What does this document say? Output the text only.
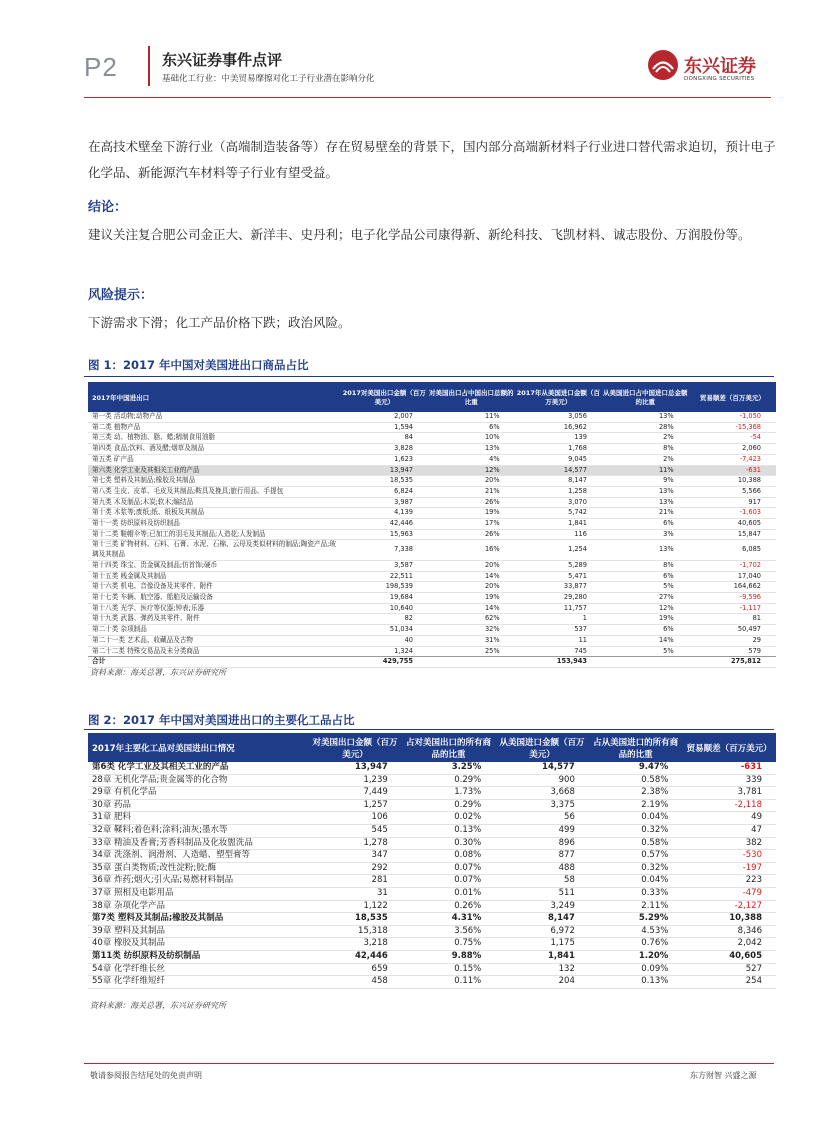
P2	东兴证券事件点评
基础化工行业：中美贸易摩擦对化工子行业潜在影响分化
东兴证券
DONGXING SECURITIES
在高技术壁垒下游行业（高端制造装备等）存在贸易壁垒的背景下，国内部分高端新材料子行业进口替代需求迫切，预计电子化学品、新能源汽车材料等子行业有望受益。
结论：
建议关注复合肥公司金正大、新洋丰、史丹利；电子化学品公司康得新、新纶科技、飞凯材料、诚志股份、万润股份等。
风险提示：
下游需求下滑；化工产品价格下跌；政治风险。
图 1：2017 年中国对美国进出口商品占比
2017年中国进出口	2017对美国出口金额（百万美元）	对美国出口占中国出口总额的比重	2017年从美国进口金额（百万美元）	从美国进口占中国进口总金额的比重	贸易顺差（百万美元）
第一类 活动物;动物产品	2,007	11%	3,056	13%	-1,050
第二类 植物产品	1,594	6%	16,962	28%	-15,368
第三类 动、植物油、脂、蜡;精制食用油脂	84	10%	139	2%	-54
第四类 食品;饮料、酒及醋;烟草及制品	3,828	13%	1,768	8%	2,060
第五类 矿产品	1,623	4%	9,045	2%	-7,423
第六类 化学工业及其相关工业的产品	13,947	12%	14,577	11%	-631
第七类 塑料及其制品;橡胶及其制品	18,535	20%	8,147	9%	10,388
第八类 生皮、皮革、毛皮及其制品;鞍具及挽具;旅行用品、手提包	6,824	21%	1,258	13%	5,566
第九类 木及制品;木炭;软木;编结品	3,987	26%	3,070	13%	917
第十类 木浆等;废纸;纸、纸板及其制品	4,139	19%	5,742	21%	-1,603
第十一类 纺织原料及纺织制品	42,446	17%	1,841	6%	40,605
第十二类 鞋帽伞等;已加工的羽毛及其制品;人造花;人发制品	15,963	26%	116	3%	15,847
第十三类 矿物材料、石料、石膏、水泥、石棉、云母及类似材料的制品;陶瓷产品;玻璃及其制品	7,338	16%	1,254	13%	6,085
第十四类 珠宝、贵金属及制品;仿首饰;硬币	3,587	20%	5,289	8%	-1,702
第十五类 贱金属及其制品	22,511	14%	5,471	6%	17,040
第十六类 机电、音像设备及其零件、附件	198,539	20%	33,877	5%	164,662
第十七类 车辆、航空器、船舶及运输设备	19,684	19%	29,280	27%	-9,596
第十八类 光学、医疗等仪器;钟表;乐器	10,640	14%	11,757	12%	-1,117
第十九类 武器、弹药及其零件、附件	82	62%	1	19%	81
第二十类 杂项制品	51,034	32%	537	6%	50,497
第二十一类 艺术品、收藏品及古物	40	31%	11	14%	29
第二十二类 特殊交易品及未分类商品	1,324	25%	745	5%	579
合计	429,755		153,943		275,812
资料来源：海关总署，东兴证券研究所
图 2：2017 年中国对美国进出口的主要化工品占比
2017年主要化工品对美国进出口情况	对美国出口金额（百万美元）	占对美国出口的所有商品的比重	从美国进口金额（百万美元）	占从美国进口的所有商品的比重	贸易顺差（百万美元）
第6类 化学工业及其相关工业的产品	13,947	3.25%	14,577	9.47%	-631
28章 无机化学品;贵金属等的化合物	1,239	0.29%	900	0.58%	339
29章 有机化学品	7,449	1.73%	3,668	2.38%	3,781
30章 药品	1,257	0.29%	3,375	2.19%	-2,118
31章 肥料	106	0.02%	56	0.04%	49
32章 鞣料;着色料;涂料;油灰;墨水等	545	0.13%	499	0.32%	47
33章 精油及香膏;芳香料制品及化妆盥洗品	1,278	0.30%	896	0.58%	382
34章 洗涤剂、润滑剂、人造蜡、塑型膏等	347	0.08%	877	0.57%	-530
35章 蛋白类物质;改性淀粉;胶;酶	292	0.07%	488	0.32%	-197
36章 炸药;烟火;引火品;易燃材料制品	281	0.07%	58	0.04%	223
37章 照相及电影用品	31	0.01%	511	0.33%	-479
38章 杂项化学产品	1,122	0.26%	3,249	2.11%	-2,127
第7类 塑料及其制品;橡胶及其制品	18,535	4.31%	8,147	5.29%	10,388
39章 塑料及其制品	15,318	3.56%	6,972	4.53%	8,346
40章 橡胶及其制品	3,218	0.75%	1,175	0.76%	2,042
第11类 纺织原料及纺织制品	42,446	9.88%	1,841	1.20%	40,605
54章 化学纤维长丝	659	0.15%	132	0.09%	527
55章 化学纤维短纤	458	0.11%	204	0.13%	254
资料来源：海关总署，东兴证券研究所
敬请参阅报告结尾处的免责声明	东方财智 兴盛之源
